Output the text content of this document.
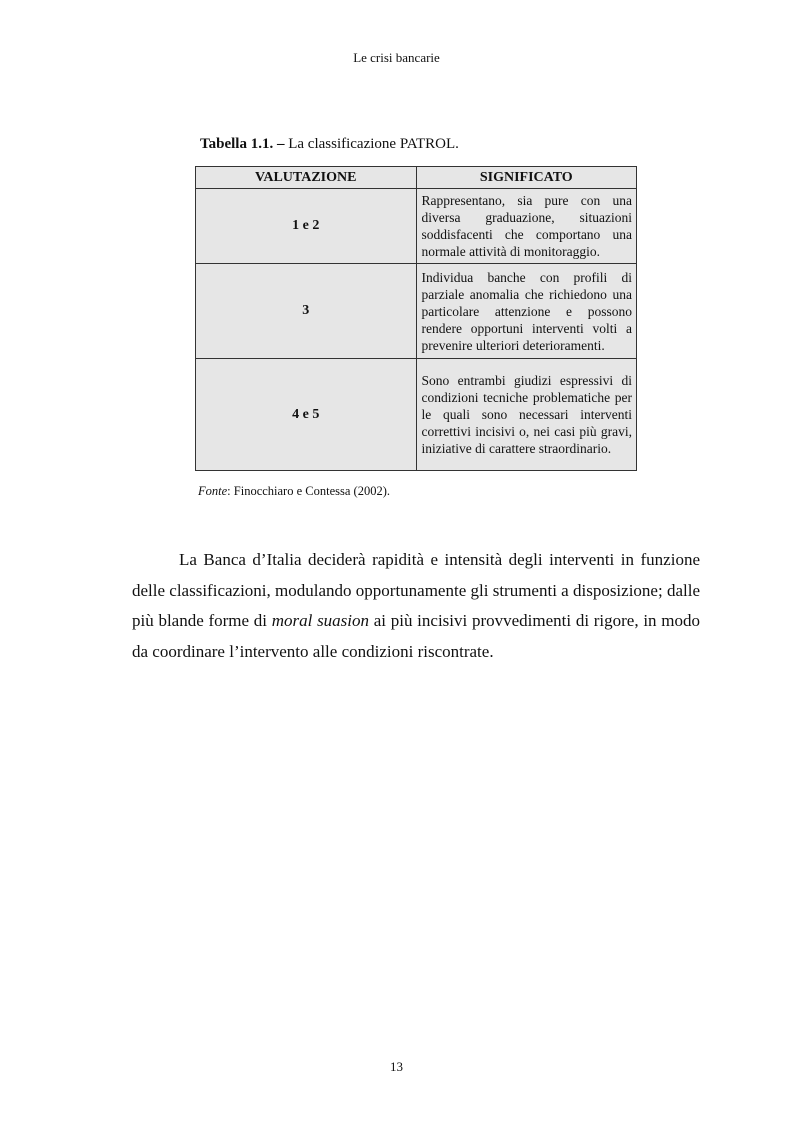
Le crisi bancarie
Tabella 1.1. – La classificazione PATROL.
VALUTAZIONE	SIGNIFICATO
1 e 2	Rappresentano, sia pure con una diversa graduazione, situazioni soddisfacenti che comportano una normale attività di monitoraggio.
3	Individua banche con profili di parziale anomalia che richiedono una particolare attenzione e possono rendere opportuni interventi volti a prevenire ulteriori deterioramenti.
4 e 5	Sono entrambi giudizi espressivi di condizioni tecniche problematiche per le quali sono necessari interventi correttivi incisivi o, nei casi più gravi, iniziative di carattere straordinario.
Fonte: Finocchiaro e Contessa (2002).

La Banca d’Italia deciderà rapidità e intensità degli interventi in funzione delle classificazioni, modulando opportunamente gli strumenti a disposizione; dalle più blande forme di moral suasion ai più incisivi provvedimenti di rigore, in modo da coordinare l’intervento alle condizioni riscontrate.

13
